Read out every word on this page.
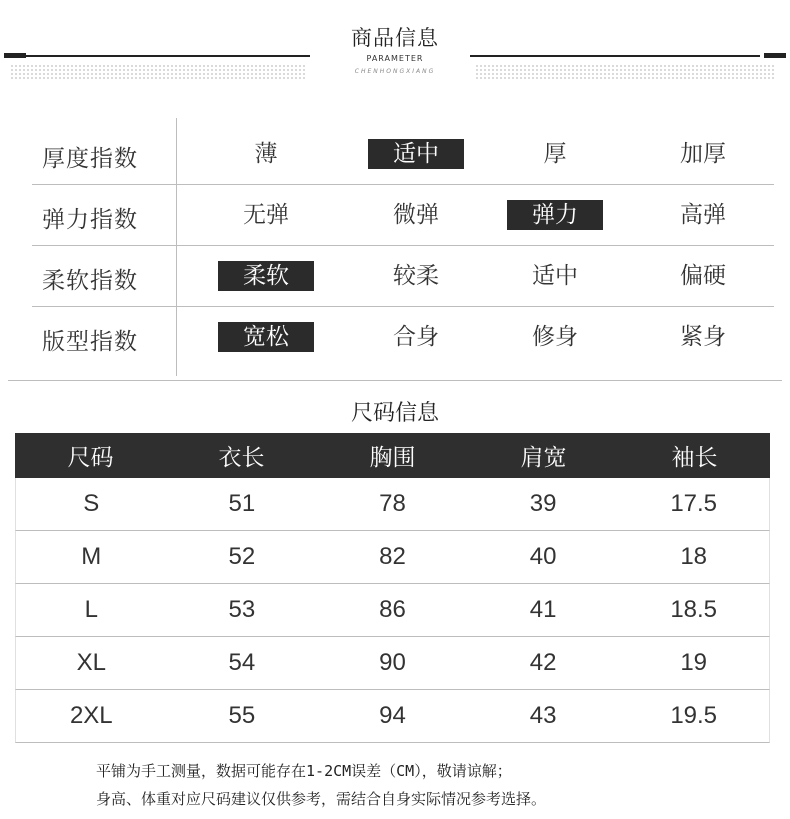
商品信息
PARAMETER
CHENHONGXIANG
厚度指数	薄	适中	厚	加厚
弹力指数	无弹	微弹	弹力	高弹
柔软指数	柔软	较柔	适中	偏硬
版型指数	宽松	合身	修身	紧身
尺码信息
尺码	衣长	胸围	肩宽	袖长
S	51	78	39	17.5
M	52	82	40	18
L	53	86	41	18.5
XL	54	90	42	19
2XL	55	94	43	19.5
平铺为手工测量，数据可能存在1-2CM误差（CM），敬请谅解；
身高、体重对应尺码建议仅供参考，需结合自身实际情况参考选择。
